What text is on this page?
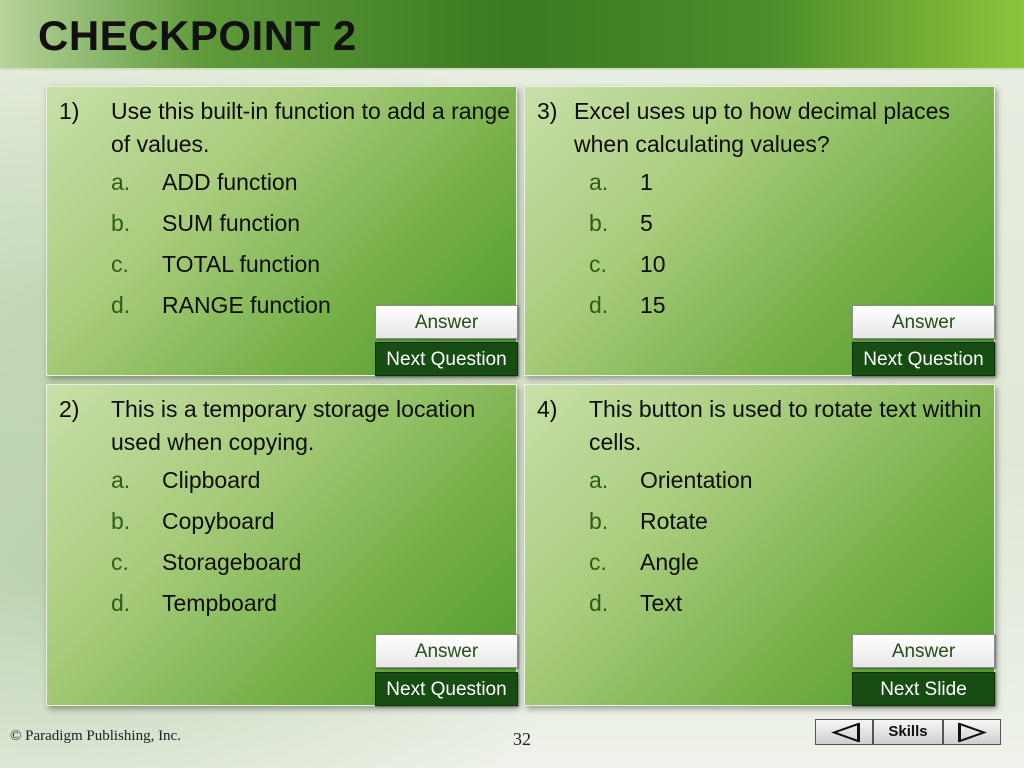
CHECKPOINT 2
1) Use this built-in function to add a range of values.
a. ADD function
b. SUM function
c. TOTAL function
d. RANGE function
Answer
Next Question
3) Excel uses up to how decimal places when calculating values?
a. 1
b. 5
c. 10
d. 15
Answer
Next Question
2) This is a temporary storage location used when copying.
a. Clipboard
b. Copyboard
c. Storageboard
d. Tempboard
Answer
Next Question
4) This button is used to rotate text within cells.
a. Orientation
b. Rotate
c. Angle
d. Text
Answer
Next Slide
© Paradigm Publishing, Inc.	32	Skills
